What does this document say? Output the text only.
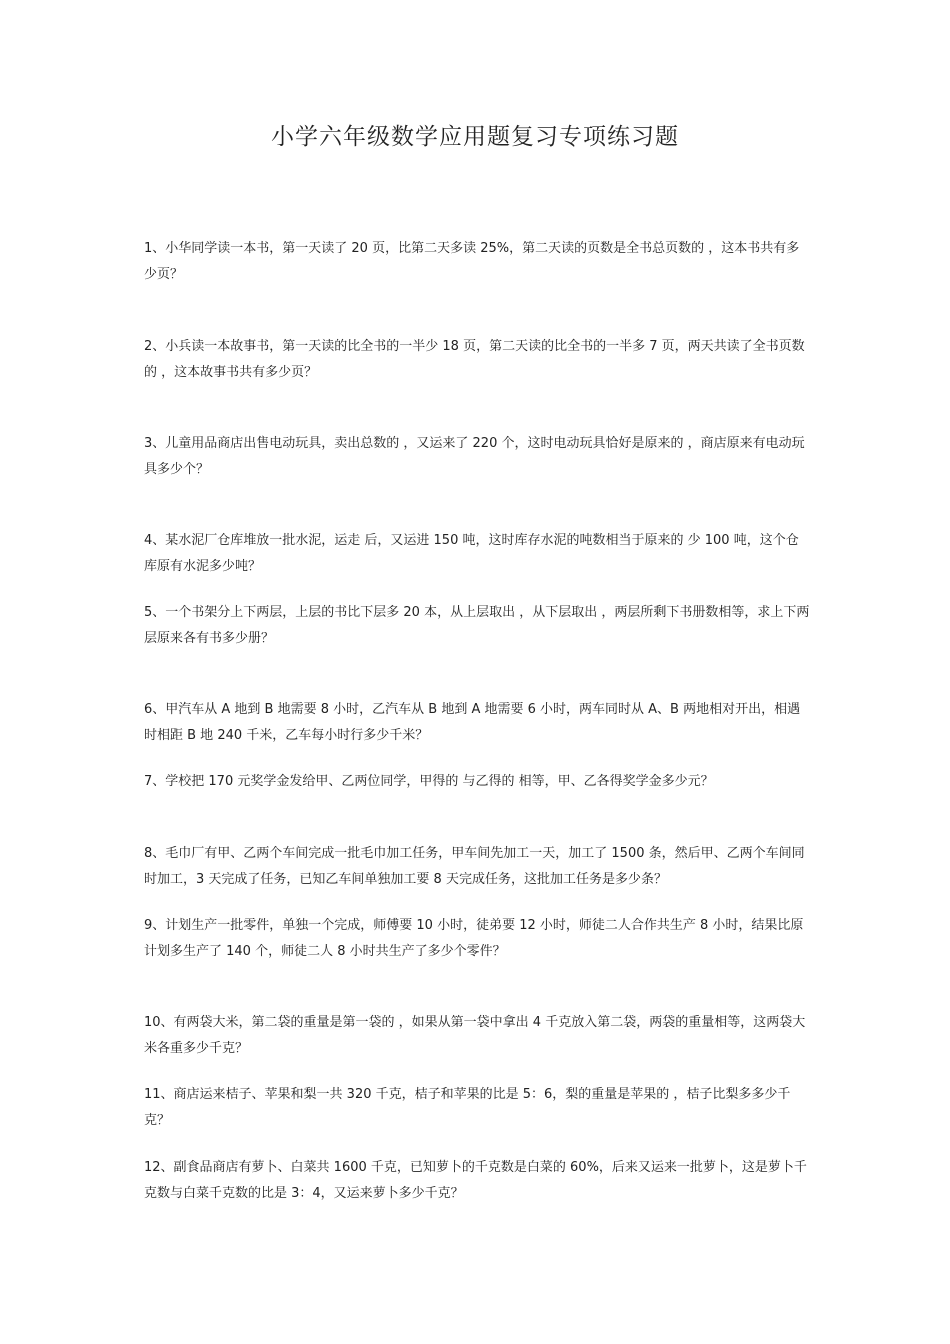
小学六年级数学应用题复习专项练习题

1、小华同学读一本书，第一天读了 20 页，比第二天多读 25%，第二天读的页数是全书总页数的 ，这本书共有多少页？

2、小兵读一本故事书，第一天读的比全书的一半少 18 页，第二天读的比全书的一半多 7 页，两天共读了全书页数的 ，这本故事书共有多少页？

3、儿童用品商店出售电动玩具，卖出总数的 ，又运来了 220 个，这时电动玩具恰好是原来的 ，商店原来有电动玩具多少个？

4、某水泥厂仓库堆放一批水泥，运走 后，又运进 150 吨，这时库存水泥的吨数相当于原来的 少 100 吨，这个仓库原有水泥多少吨？

5、一个书架分上下两层，上层的书比下层多 20 本，从上层取出 ，从下层取出 ，两层所剩下书册数相等，求上下两层原来各有书多少册？

6、甲汽车从 A 地到 B 地需要 8 小时，乙汽车从 B 地到 A 地需要 6 小时，两车同时从 A、B 两地相对开出，相遇时相距 B 地 240 千米，乙车每小时行多少千米？

7、学校把 170 元奖学金发给甲、乙两位同学，甲得的 与乙得的 相等，甲、乙各得奖学金多少元？

8、毛巾厂有甲、乙两个车间完成一批毛巾加工任务，甲车间先加工一天，加工了 1500 条，然后甲、乙两个车间同时加工，3 天完成了任务，已知乙车间单独加工要 8 天完成任务，这批加工任务是多少条？

9、计划生产一批零件，单独一个完成，师傅要 10 小时，徒弟要 12 小时，师徒二人合作共生产 8 小时，结果比原计划多生产了 140 个，师徒二人 8 小时共生产了多少个零件？

10、有两袋大米，第二袋的重量是第一袋的 ，如果从第一袋中拿出 4 千克放入第二袋，两袋的重量相等，这两袋大米各重多少千克？

11、商店运来桔子、苹果和梨一共 320 千克，桔子和苹果的比是 5：6，梨的重量是苹果的 ，桔子比梨多多少千克？

12、副食品商店有萝卜、白菜共 1600 千克，已知萝卜的千克数是白菜的 60%，后来又运来一批萝卜，这是萝卜千克数与白菜千克数的比是 3：4，又运来萝卜多少千克？
